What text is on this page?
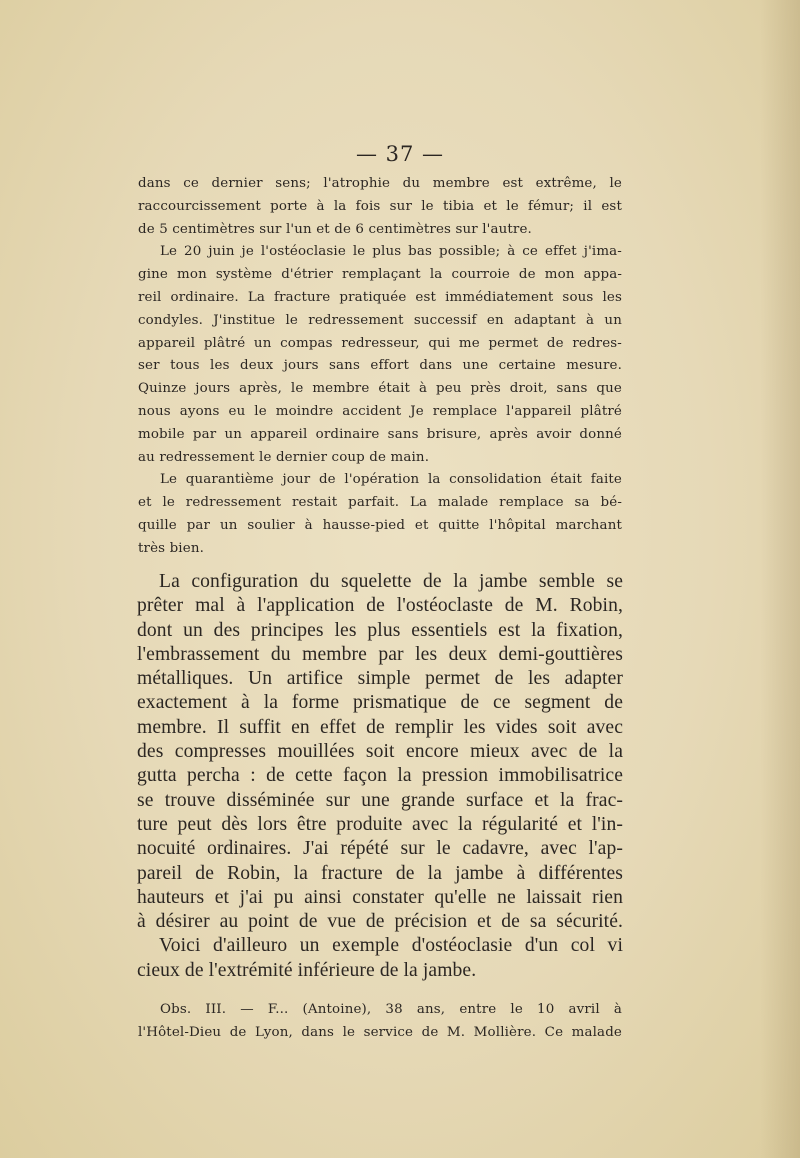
— 37 —
dans ce dernier sens; l'atrophie du membre est extrême, le
raccourcissement porte à la fois sur le tibia et le fémur; il est
de 5 centimètres sur l'un et de 6 centimètres sur l'autre.
Le 20 juin je l'ostéoclasie le plus bas possible; à ce effet j'ima-
gine mon système d'étrier remplaçant la courroie de mon appa-
reil ordinaire. La fracture pratiquée est immédiatement sous les
condyles. J'institue le redressement successif en adaptant à un
appareil plâtré un compas redresseur, qui me permet de redres-
ser tous les deux jours sans effort dans une certaine mesure.
Quinze jours après, le membre était à peu près droit, sans que
nous ayons eu le moindre accident Je remplace l'appareil plâtré
mobile par un appareil ordinaire sans brisure, après avoir donné
au redressement le dernier coup de main.
Le quarantième jour de l'opération la consolidation était faite
et le redressement restait parfait. La malade remplace sa bé-
quille par un soulier à hausse-pied et quitte l'hôpital marchant
très bien.
La configuration du squelette de la jambe semble se
prêter mal à l'application de l'ostéoclaste de M. Robin,
dont un des principes les plus essentiels est la fixation,
l'embrassement du membre par les deux demi-gouttières
métalliques. Un artifice simple permet de les adapter
exactement à la forme prismatique de ce segment de
membre. Il suffit en effet de remplir les vides soit avec
des compresses mouillées soit encore mieux avec de la
gutta percha : de cette façon la pression immobilisatrice
se trouve disséminée sur une grande surface et la frac-
ture peut dès lors être produite avec la régularité et l'in-
nocuité ordinaires. J'ai répété sur le cadavre, avec l'ap-
pareil de Robin, la fracture de la jambe à différentes
hauteurs et j'ai pu ainsi constater qu'elle ne laissait rien
à désirer au point de vue de précision et de sa sécurité.
Voici d'ailleuro un exemple d'ostéoclasie d'un col vi
cieux de l'extrémité inférieure de la jambe.
Obs. III. — F... (Antoine), 38 ans, entre le 10 avril à
l'Hôtel-Dieu de Lyon, dans le service de M. Mollière. Ce malade
